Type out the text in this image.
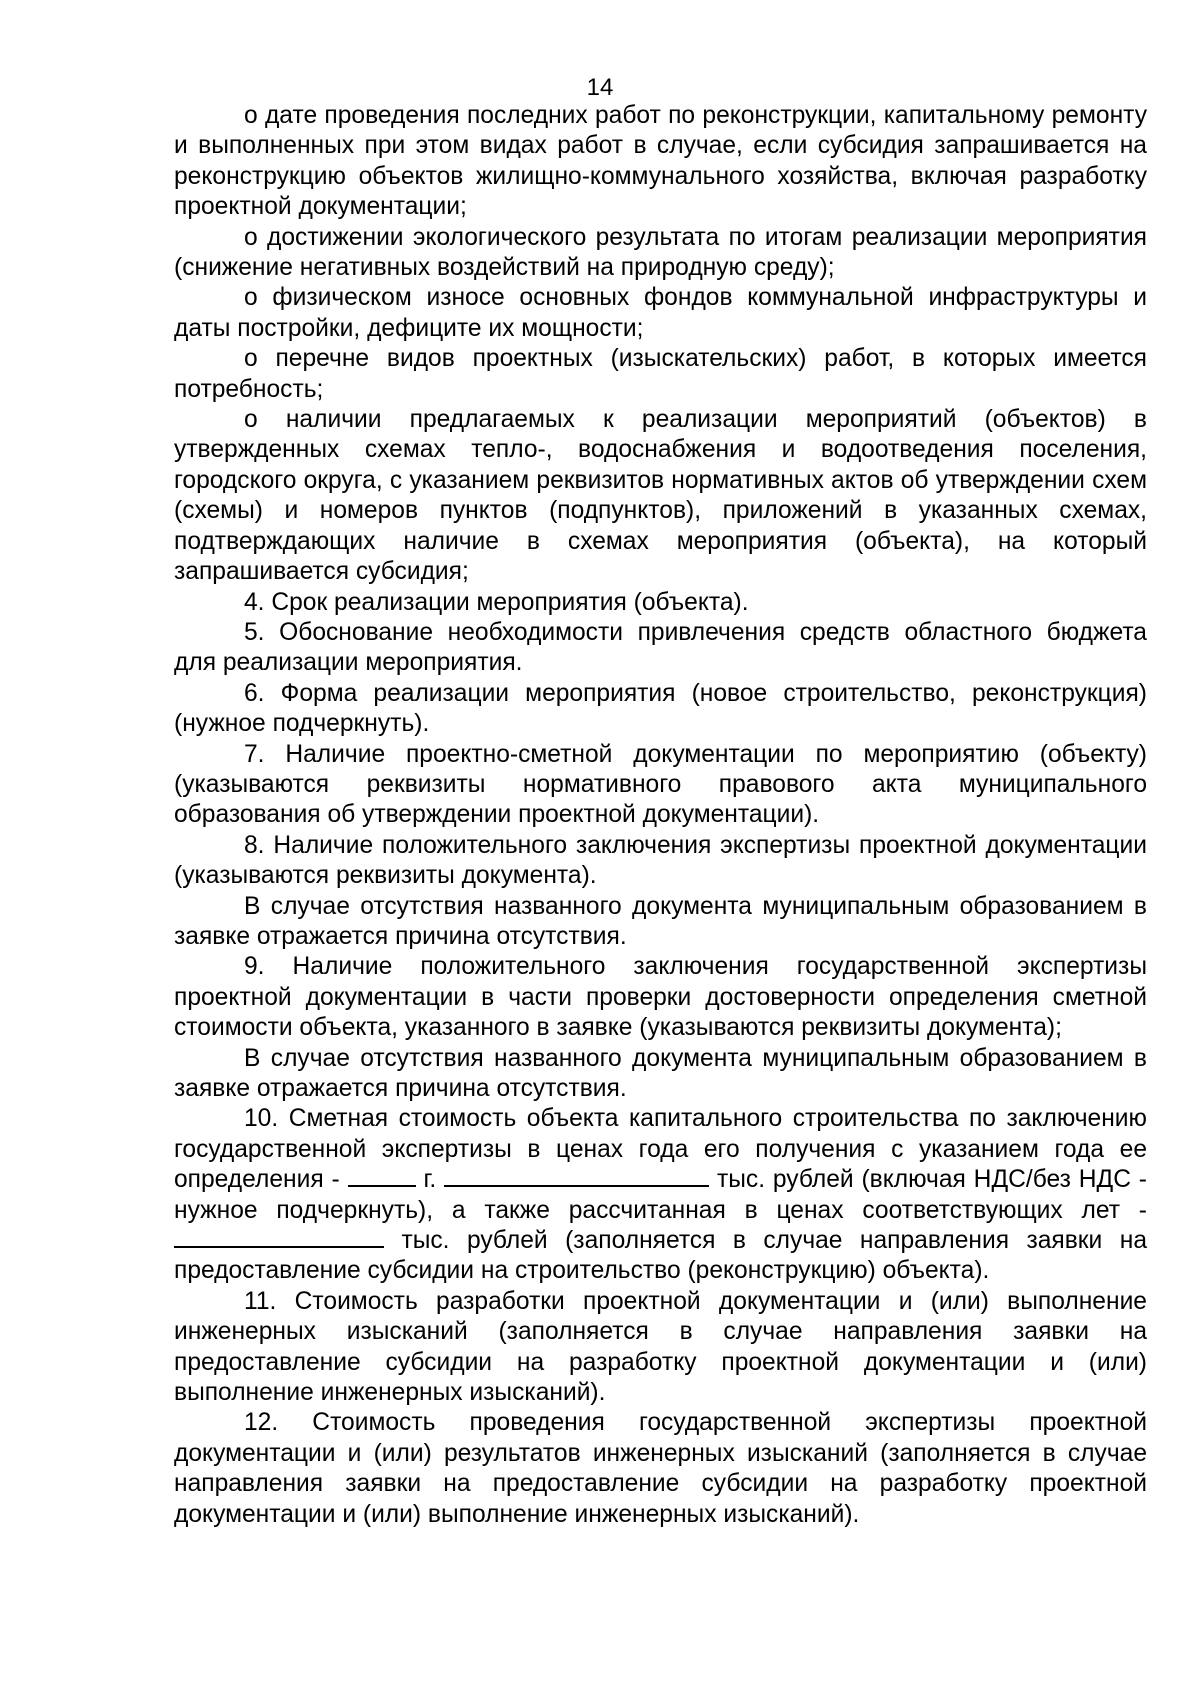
14

о дате проведения последних работ по реконструкции, капитальному ремонту и выполненных при этом видах работ в случае, если субсидия запрашивается на реконструкцию объектов жилищно-коммунального хозяйства, включая разработку проектной документации;

о достижении экологического результата по итогам реализации мероприятия (снижение негативных воздействий на природную среду);

о физическом износе основных фондов коммунальной инфраструктуры и даты постройки, дефиците их мощности;

о перечне видов проектных (изыскательских) работ, в которых имеется потребность;

о наличии предлагаемых к реализации мероприятий (объектов) в утвержденных схемах тепло-, водоснабжения и водоотведения поселения, городского округа, с указанием реквизитов нормативных актов об утверждении схем (схемы) и номеров пунктов (подпунктов), приложений в указанных схемах, подтверждающих наличие в схемах мероприятия (объекта), на который запрашивается субсидия;

4. Срок реализации мероприятия (объекта).

5. Обоснование необходимости привлечения средств областного бюджета для реализации мероприятия.

6. Форма реализации мероприятия (новое строительство, реконструкция) (нужное подчеркнуть).

7. Наличие проектно-сметной документации по мероприятию (объекту) (указываются реквизиты нормативного правового акта муниципального образования об утверждении проектной документации).

8. Наличие положительного заключения экспертизы проектной документации (указываются реквизиты документа).

В случае отсутствия названного документа муниципальным образованием в заявке отражается причина отсутствия.

9. Наличие положительного заключения государственной экспертизы проектной документации в части проверки достоверности определения сметной стоимости объекта, указанного в заявке (указываются реквизиты документа);

В случае отсутствия названного документа муниципальным образованием в заявке отражается причина отсутствия.

10. Сметная стоимость объекта капитального строительства по заключению государственной экспертизы в ценах года его получения с указанием года ее определения -	г.	тыс. рублей (включая НДС/без НДС - нужное подчеркнуть), а также рассчитанная в ценах соответствующих лет -  тыс. рублей (заполняется в случае направления заявки на предоставление субсидии на строительство (реконструкцию) объекта).

11. Стоимость разработки проектной документации и (или) выполнение инженерных изысканий (заполняется в случае направления заявки на предоставление субсидии на разработку проектной документации и (или) выполнение инженерных изысканий).

12. Стоимость проведения государственной экспертизы проектной документации и (или) результатов инженерных изысканий (заполняется в случае направления заявки на предоставление субсидии на разработку проектной документации и (или) выполнение инженерных изысканий).
